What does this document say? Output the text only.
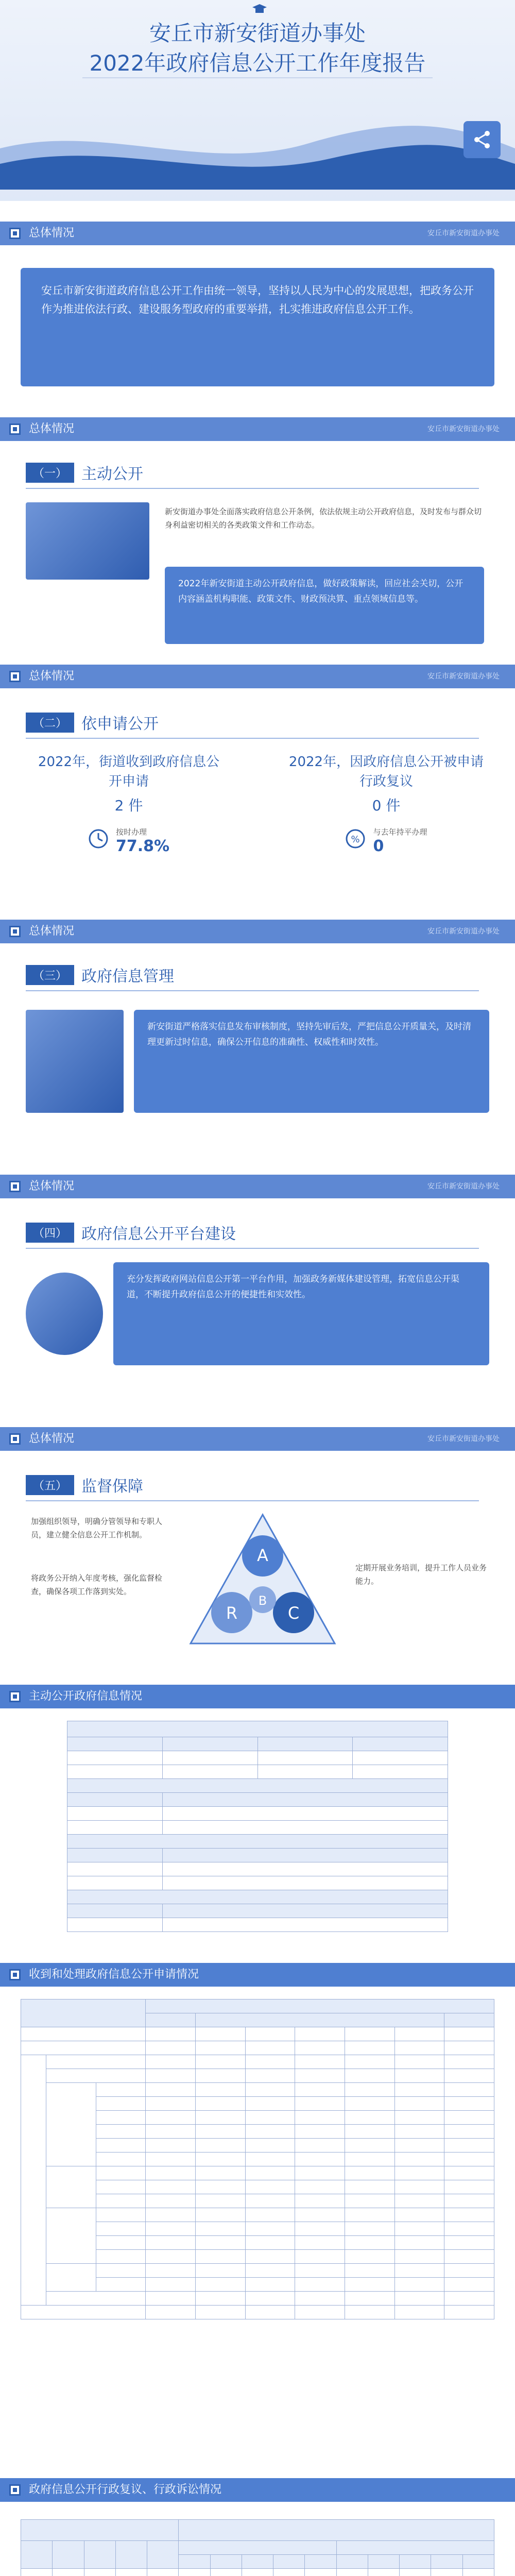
安丘市新安街道办事处
2022年政府信息公开工作年度报告
总体情况	安丘市新安街道办事处
安丘市新安街道政府信息公开工作由统一领导，坚持以人民为中心的发展思想，把政务公开作为推进依法行政、建设服务型政府的重要举措，扎实推进政府信息公开工作。
总体情况	安丘市新安街道办事处
（一） 主动公开
新安街道办事处全面落实政府信息公开条例，依法依规主动公开政府信息，及时发布与群众切身利益密切相关的各类政策文件和工作动态。
2022年新安街道主动公开政府信息，做好政策解读，回应社会关切，公开内容涵盖机构职能、政策文件、财政预决算、重点领域信息等。
总体情况	安丘市新安街道办事处
（二） 依申请公开
2022年，街道收到政府信息公开申请
2 件
按时办理
77.8%
2022年，因政府信息公开被申请行政复议
0 件
%
与去年持平办理
0
总体情况	安丘市新安街道办事处
（三） 政府信息管理
新安街道严格落实信息发布审核制度，坚持先审后发，严把信息公开质量关，及时清理更新过时信息，确保公开信息的准确性、权威性和时效性。
总体情况	安丘市新安街道办事处
（四） 政府信息公开平台建设
充分发挥政府网站信息公开第一平台作用，加强政务新媒体建设管理，拓宽信息公开渠道，不断提升政府信息公开的便捷性和实效性。
总体情况	安丘市新安街道办事处
（五） 监督保障
加强组织领导，明确分管领导和专职人员，建立健全信息公开工作机制。
将政务公开纳入年度考核，强化监督检查，确保各项工作落到实处。
定期开展业务培训，提升工作人员业务能力。
A
R	C
B
主动公开政府信息情况

收到和处理政府信息公开申请情况

政府信息公开行政复议、行政诉讼情况
